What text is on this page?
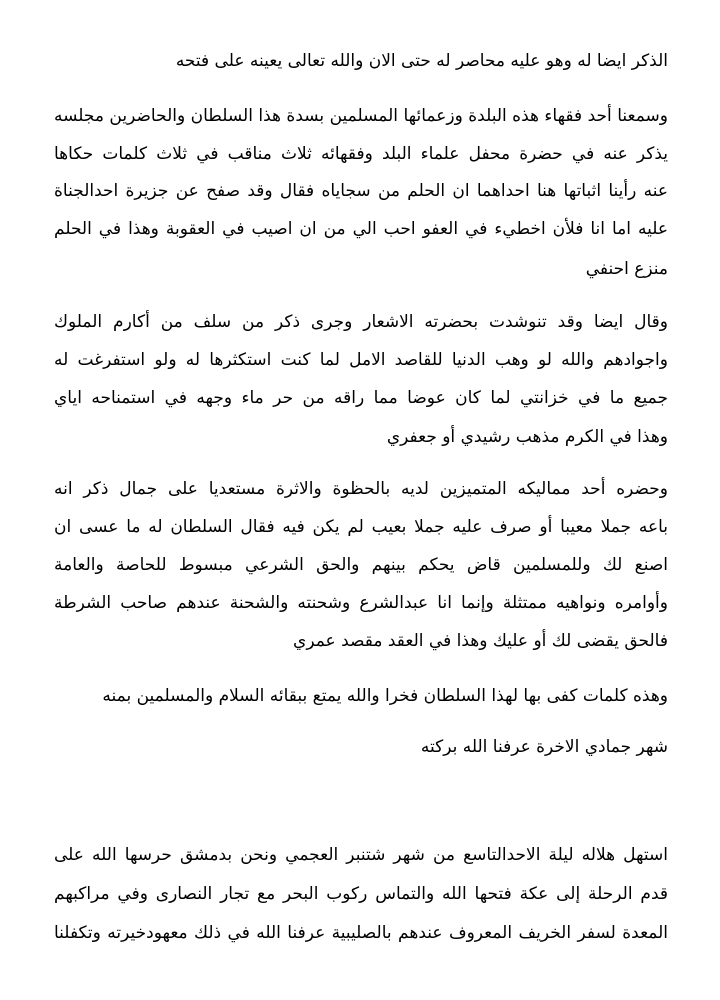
الذكر ايضا له وهو عليه محاصر له حتى الان والله تعالى يعينه على فتحه
وسمعنا أحد فقهاء هذه البلدة وزعمائها المسلمين بسدة هذا السلطان والحاضرين مجلسه
يذكر عنه في حضرة محفل علماء البلد وفقهائه ثلاث مناقب في ثلاث كلمات حكاها
عنه رأينا اثباتها هنا احداهما ان الحلم من سجاياه فقال وقد صفح عن جزيرة احدالجناة
عليه اما انا فلأن اخطيء في العفو احب الي من ان اصيب في العقوبة وهذا في الحلم
منزع احنفي
وقال ايضا وقد تنوشدت بحضرته الاشعار وجرى ذكر من سلف من أكارم الملوك
واجوادهم والله لو وهب الدنيا للقاصد الامل لما كنت استكثرها له ولو استفرغت له
جميع ما في خزانتي لما كان عوضا مما راقه من حر ماء وجهه في استمناحه اياي
وهذا في الكرم مذهب رشيدي أو جعفري
وحضره أحد مماليكه المتميزين لديه بالحظوة والاثرة مستعديا على جمال ذكر انه
باعه جملا معيبا أو صرف عليه جملا بعيب لم يكن فيه فقال السلطان له ما عسى ان
اصنع لك وللمسلمين قاض يحكم بينهم والحق الشرعي مبسوط للحاصة والعامة
وأوامره ونواهيه ممتثلة وإنما انا عبدالشرع وشحنته والشحنة عندهم صاحب الشرطة
فالحق يقضى لك أو عليك وهذا في العقد مقصد عمري
وهذه كلمات كفى بها لهذا السلطان فخرا والله يمتع ببقائه السلام والمسلمين بمنه
شهر جمادي الاخرة عرفنا الله بركته
استهل هلاله ليلة الاحدالتاسع من شهر شتنبر العجمي ونحن بدمشق حرسها الله على
قدم الرحلة إلى عكة فتحها الله والتماس ركوب البحر مع تجار النصارى وفي مراكبهم
المعدة لسفر الخريف المعروف عندهم بالصليبية عرفنا الله في ذلك معهودخيرته وتكفلنا
